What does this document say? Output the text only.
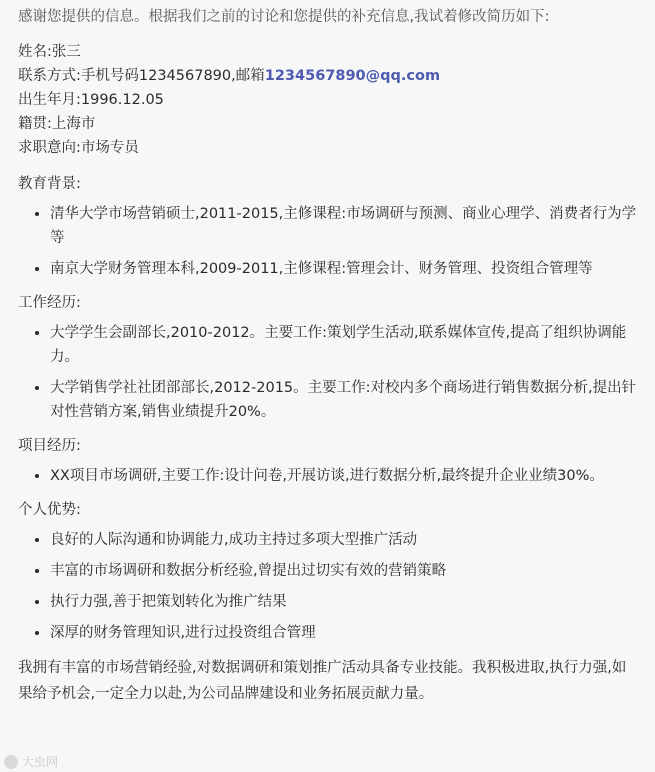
感谢您提供的信息。根据我们之前的讨论和您提供的补充信息,我试着修改简历如下:

姓名:张三

联系方式:手机号码1234567890,邮箱1234567890@qq.com

出生年月:1996.12.05

籍贯:上海市

求职意向:市场专员

教育背景:

• 清华大学市场营销硕士,2011-2015,主修课程:市场调研与预测、商业心理学、消费者行为学等
• 南京大学财务管理本科,2009-2011,主修课程:管理会计、财务管理、投资组合管理等

工作经历:

• 大学学生会副部长,2010-2012。主要工作:策划学生活动,联系媒体宣传,提高了组织协调能力。
• 大学销售学社社团部部长,2012-2015。主要工作:对校内多个商场进行销售数据分析,提出针对性营销方案,销售业绩提升20%。

项目经历:

• XX项目市场调研,主要工作:设计问卷,开展访谈,进行数据分析,最终提升企业业绩30%。

个人优势:

• 良好的人际沟通和协调能力,成功主持过多项大型推广活动
• 丰富的市场调研和数据分析经验,曾提出过切实有效的营销策略
• 执行力强,善于把策划转化为推广结果
• 深厚的财务管理知识,进行过投资组合管理

我拥有丰富的市场营销经验,对数据调研和策划推广活动具备专业技能。我积极进取,执行力强,如果给予机会,一定全力以赴,为公司品牌建设和业务拓展贡献力量。

大虫网
